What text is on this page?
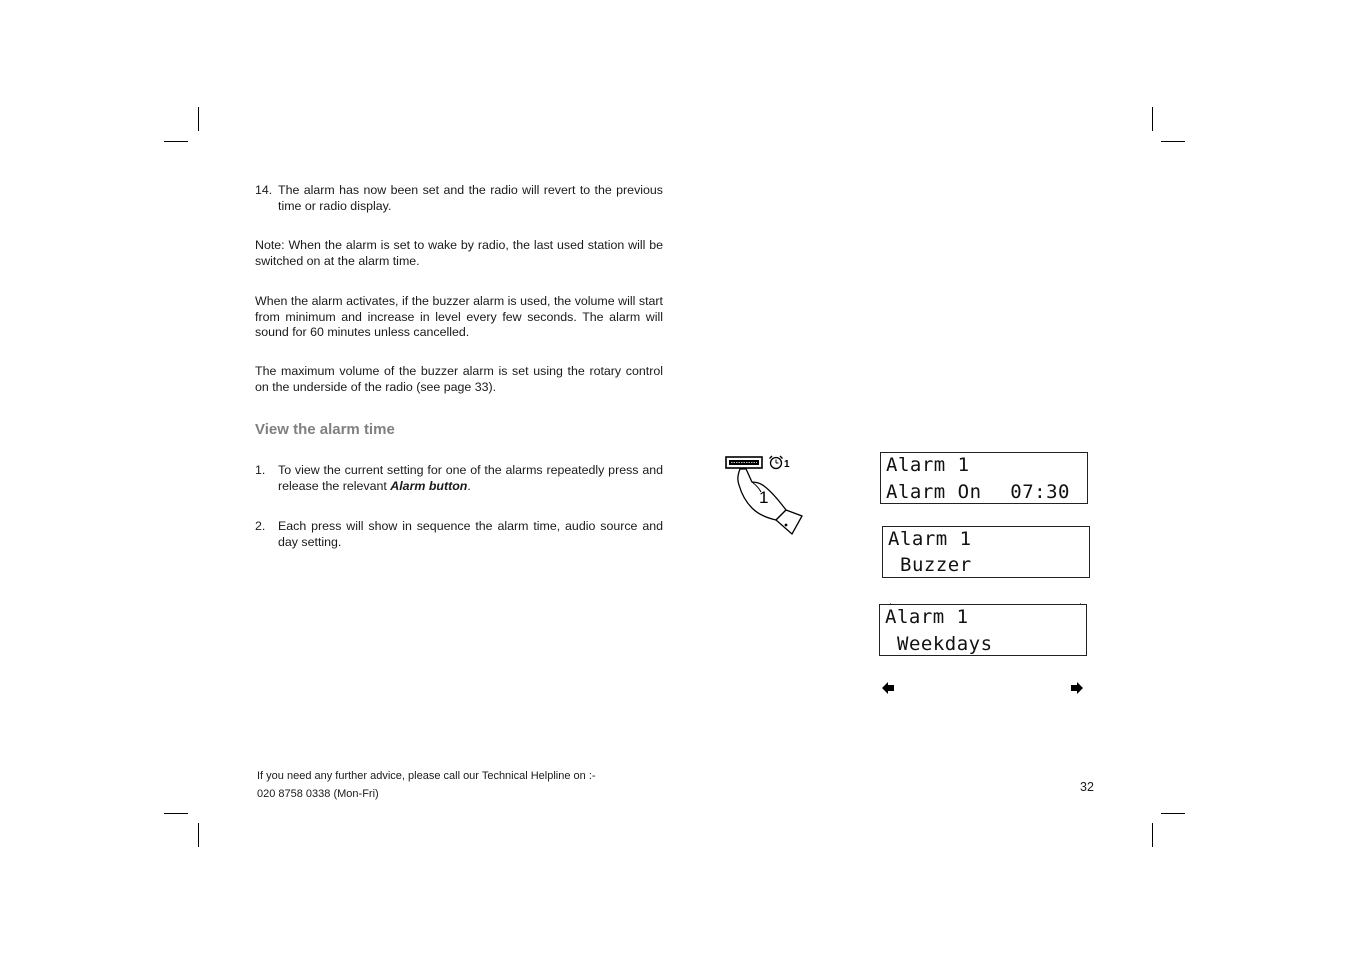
14. The alarm has now been set and the radio will revert to the previous time or radio display.

Note: When the alarm is set to wake by radio, the last used station will be switched on at the alarm time.

When the alarm activates, if the buzzer alarm is used, the volume will start from minimum and increase in level every few seconds. The alarm will sound for 60 minutes unless cancelled.

The maximum volume of the buzzer alarm is set using the rotary control on the underside of the radio (see page 33).

View the alarm time
1. To view the current setting for one of the alarms repeatedly press and release the relevant Alarm button.
2. Each press will show in sequence the alarm time, audio source and day setting.
1
1
Alarm 1
Alarm On 07:30
Alarm 1

Buzzer

Alarm 1

Weekdays

If you need any further advice, please call our Technical Helpline on :-
020 8758 0338 (Mon-Fri)	32
